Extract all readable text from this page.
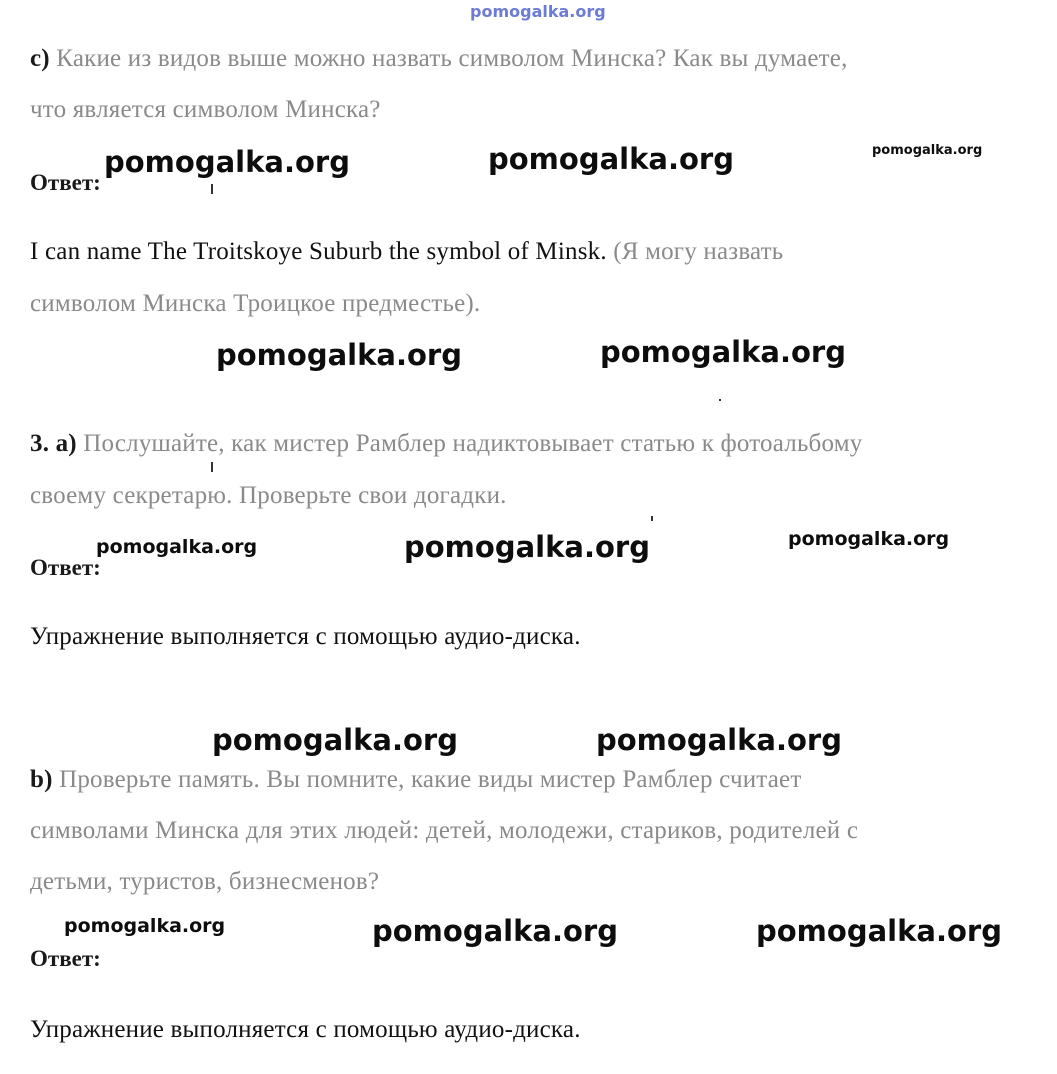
pomogalka.org
c) Какие из видов выше можно назвать символом Минска? Как вы думаете,
что является символом Минска?
Ответ:
I can name The Troitskoye Suburb the symbol of Minsk. (Я могу назвать
символом Минска Троицкое предместье).
3. a) Послушайте, как мистер Рамблер надиктовывает статью к фотоальбому
своему секретарю. Проверьте свои догадки.
Ответ:
Упражнение выполняется с помощью аудио-диска.
b) Проверьте память. Вы помните, какие виды мистер Рамблер считает
символами Минска для этих людей: детей, молодежи, стариков, родителей с
детьми, туристов, бизнесменов?
Ответ:
Упражнение выполняется с помощью аудио-диска.
pomogalka.org	pomogalka.org	pomogalka.org
pomogalka.org	pomogalka.org
pomogalka.org	pomogalka.org	pomogalka.org
pomogalka.org	pomogalka.org
pomogalka.org	pomogalka.org	pomogalka.org
